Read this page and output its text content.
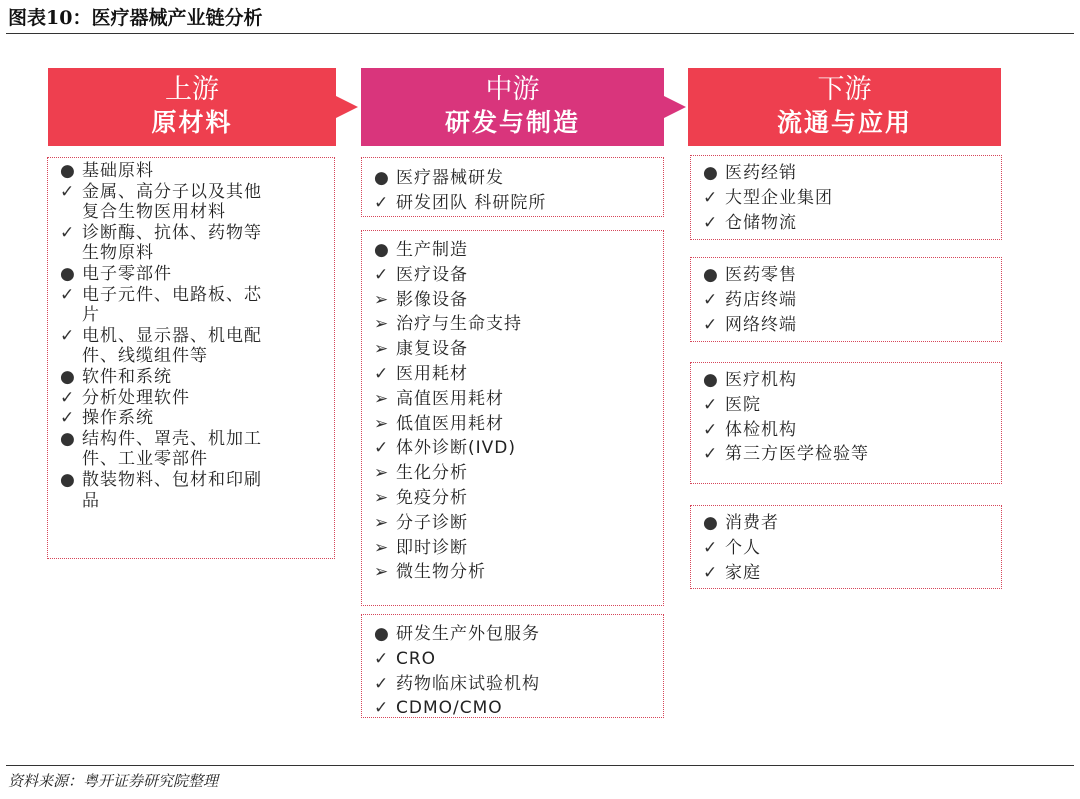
图表10：医疗器械产业链分析
上游
原材料
中游
研发与制造
下游
流通与应用
● 基础原料
✓ 金属、高分子以及其他
复合生物医用材料
✓ 诊断酶、抗体、药物等
生物原料
● 电子零部件
✓ 电子元件、电路板、芯
片
✓ 电机、显示器、机电配
件、线缆组件等
● 软件和系统
✓ 分析处理软件
✓ 操作系统
● 结构件、罩壳、机加工
件、工业零部件
● 散装物料、包材和印刷
品
● 医疗器械研发
✓ 研发团队 科研院所
● 生产制造
✓ 医疗设备
➢ 影像设备
➢ 治疗与生命支持
➢ 康复设备
✓ 医用耗材
➢ 高值医用耗材
➢ 低值医用耗材
✓ 体外诊断(IVD)
➢ 生化分析
➢ 免疫分析
➢ 分子诊断
➢ 即时诊断
➢ 微生物分析
● 研发生产外包服务
✓ CRO
✓ 药物临床试验机构
✓ CDMO/CMO
● 医药经销
✓ 大型企业集团
✓ 仓储物流
● 医药零售
✓ 药店终端
✓ 网络终端
● 医疗机构
✓ 医院
✓ 体检机构
✓ 第三方医学检验等
● 消费者
✓ 个人
✓ 家庭
资料来源：粤开证券研究院整理
